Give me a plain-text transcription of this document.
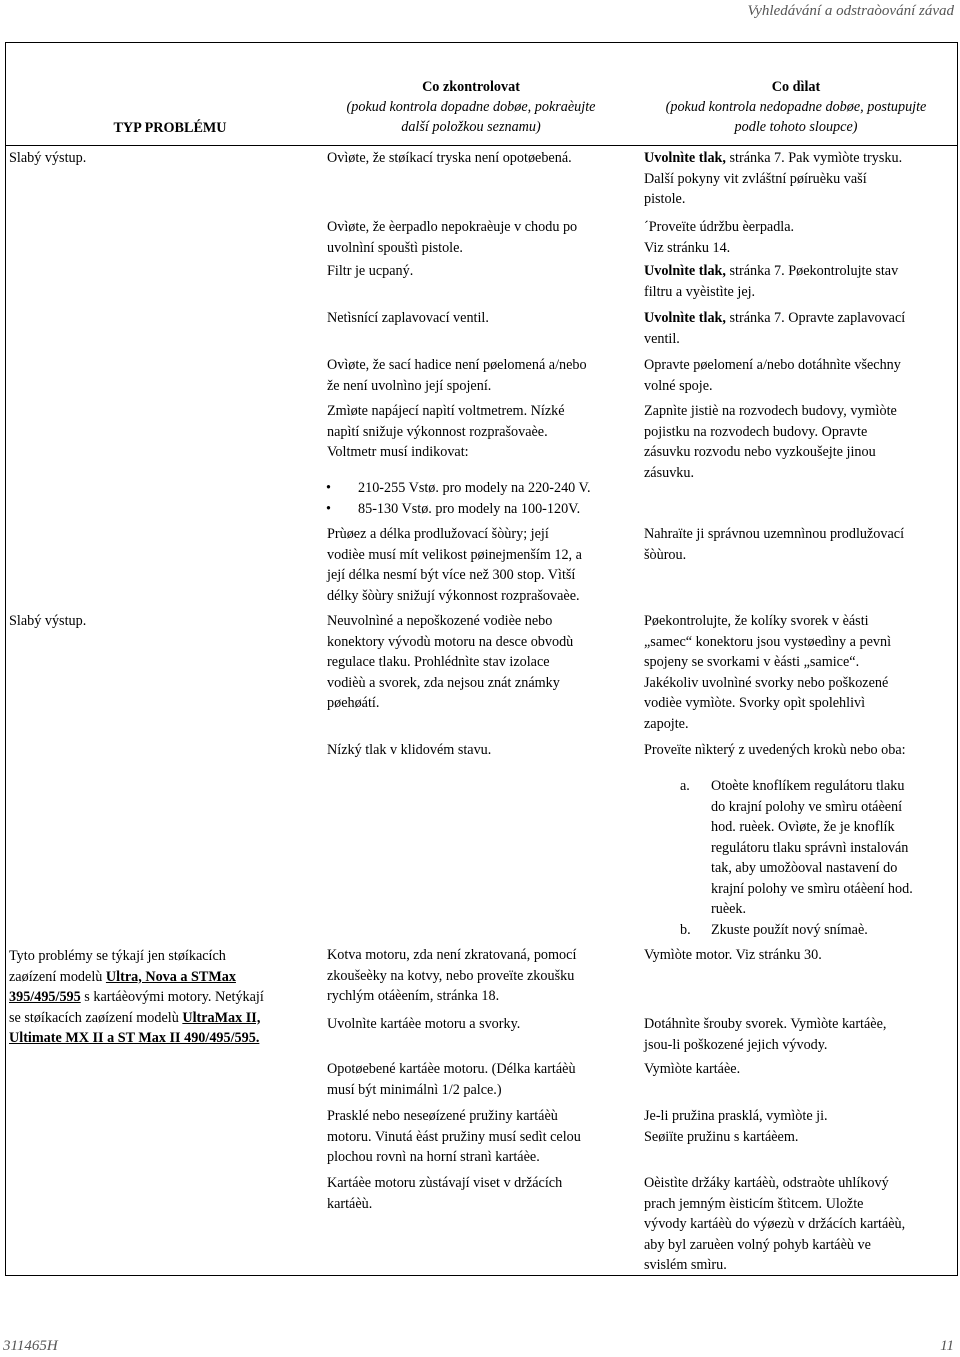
Vyhledávání a odstraòování závad
TYP PROBLÉMU
Co zkontrolovat
(pokud kontrola dopadne dobøe, pokraèujte
další položkou seznamu)
Co dìlat
(pokud kontrola nedopadne dobøe, postupujte
podle tohoto sloupce)
Slabý výstup.
Slabý výstup.
Tyto problémy se týkají jen støíkacích
zaøízení modelù Ultra, Nova a STMax
395/495/595 s kartáèovými motory. Netýkají
se støíkacích zaøízení modelù UltraMax II,
Ultimate MX II a ST Max II 490/495/595.
Ovìøte, že støíkací tryska není opotøebená.
Ovìøte, že èerpadlo nepokraèuje v chodu po
uvolnìní spouštì pistole.
Filtr je ucpaný.
Netìsnící zaplavovací ventil.
Ovìøte, že sací hadice není pøelomená a/nebo
že není uvolnìno její spojení.
Zmìøte napájecí napìtí voltmetrem. Nízké
napìtí snižuje výkonnost rozprašovaèe.
Voltmetr musí indikovat:
• 210-255 Vstø. pro modely na 220-240 V.
• 85-130 Vstø. pro modely na 100-120V.
Prùøez a délka prodlužovací šòùry; její
vodièe musí mít velikost pøinejmenším 12, a
její délka nesmí být více než 300 stop. Vìtší
délky šòùry snižují výkonnost rozprašovaèe.
Neuvolnìné a nepoškozené vodièe nebo
konektory vývodù motoru na desce obvodù
regulace tlaku. Prohlédnìte stav izolace
vodièù a svorek, zda nejsou znát známky
pøehøátí.
Nízký tlak v klidovém stavu.
Kotva motoru, zda není zkratovaná, pomocí
zkoušeèky na kotvy, nebo proveïte zkoušku
rychlým otáèením, stránka 18.
Uvolnìte kartáèe motoru a svorky.
Opotøebené kartáèe motoru. (Délka kartáèù
musí být minimálnì 1/2 palce.)
Prasklé nebo neseøízené pružiny kartáèù
motoru. Vinutá èást pružiny musí sedìt celou
plochou rovnì na horní stranì kartáèe.
Kartáèe motoru zùstávají viset v držácích
kartáèù.
Uvolnìte tlak, stránka 7. Pak vymìòte trysku.
Další pokyny vit zvláštní pøíruèku vaší
pistole.
´Proveïte údržbu èerpadla.
Viz stránku 14.
Uvolnìte tlak, stránka 7. Pøekontrolujte stav
filtru a vyèistìte jej.
Uvolnìte tlak, stránka 7. Opravte zaplavovací
ventil.
Opravte pøelomení a/nebo dotáhnìte všechny
volné spoje.
Zapnìte jistiè na rozvodech budovy, vymìòte
pojistku na rozvodech budovy. Opravte
zásuvku rozvodu nebo vyzkoušejte jinou
zásuvku.
Nahraïte ji správnou uzemnìnou prodlužovací
šòùrou.
Pøekontrolujte, že kolíky svorek v èásti
„samec“ konektoru jsou vystøedìny a pevnì
spojeny se svorkami v èásti „samice“.
Jakékoliv uvolnìné svorky nebo poškozené
vodièe vymìòte. Svorky opìt spolehlivì
zapojte.
Proveïte nìkterý z uvedených krokù nebo oba:
a. Otoète knoflíkem regulátoru tlaku
do krajní polohy ve smìru otáèení
hod. ruèek. Ovìøte, že je knoflík
regulátoru tlaku správnì instalován
tak, aby umožòoval nastavení do
krajní polohy ve smìru otáèení hod.
ruèek.
b. Zkuste použít nový snímaè.
Vymìòte motor. Viz stránku 30.
Dotáhnìte šrouby svorek. Vymìòte kartáèe,
jsou-li poškozené jejich vývody.
Vymìòte kartáèe.
Je-li pružina prasklá, vymìòte ji.
Seøiïte pružinu s kartáèem.
Oèistìte držáky kartáèù, odstraòte uhlíkový
prach jemným èisticím štìtcem. Uložte
vývody kartáèù do výøezù v držácích kartáèù,
aby byl zaruèen volný pohyb kartáèù ve
svislém smìru.
311465H	11
